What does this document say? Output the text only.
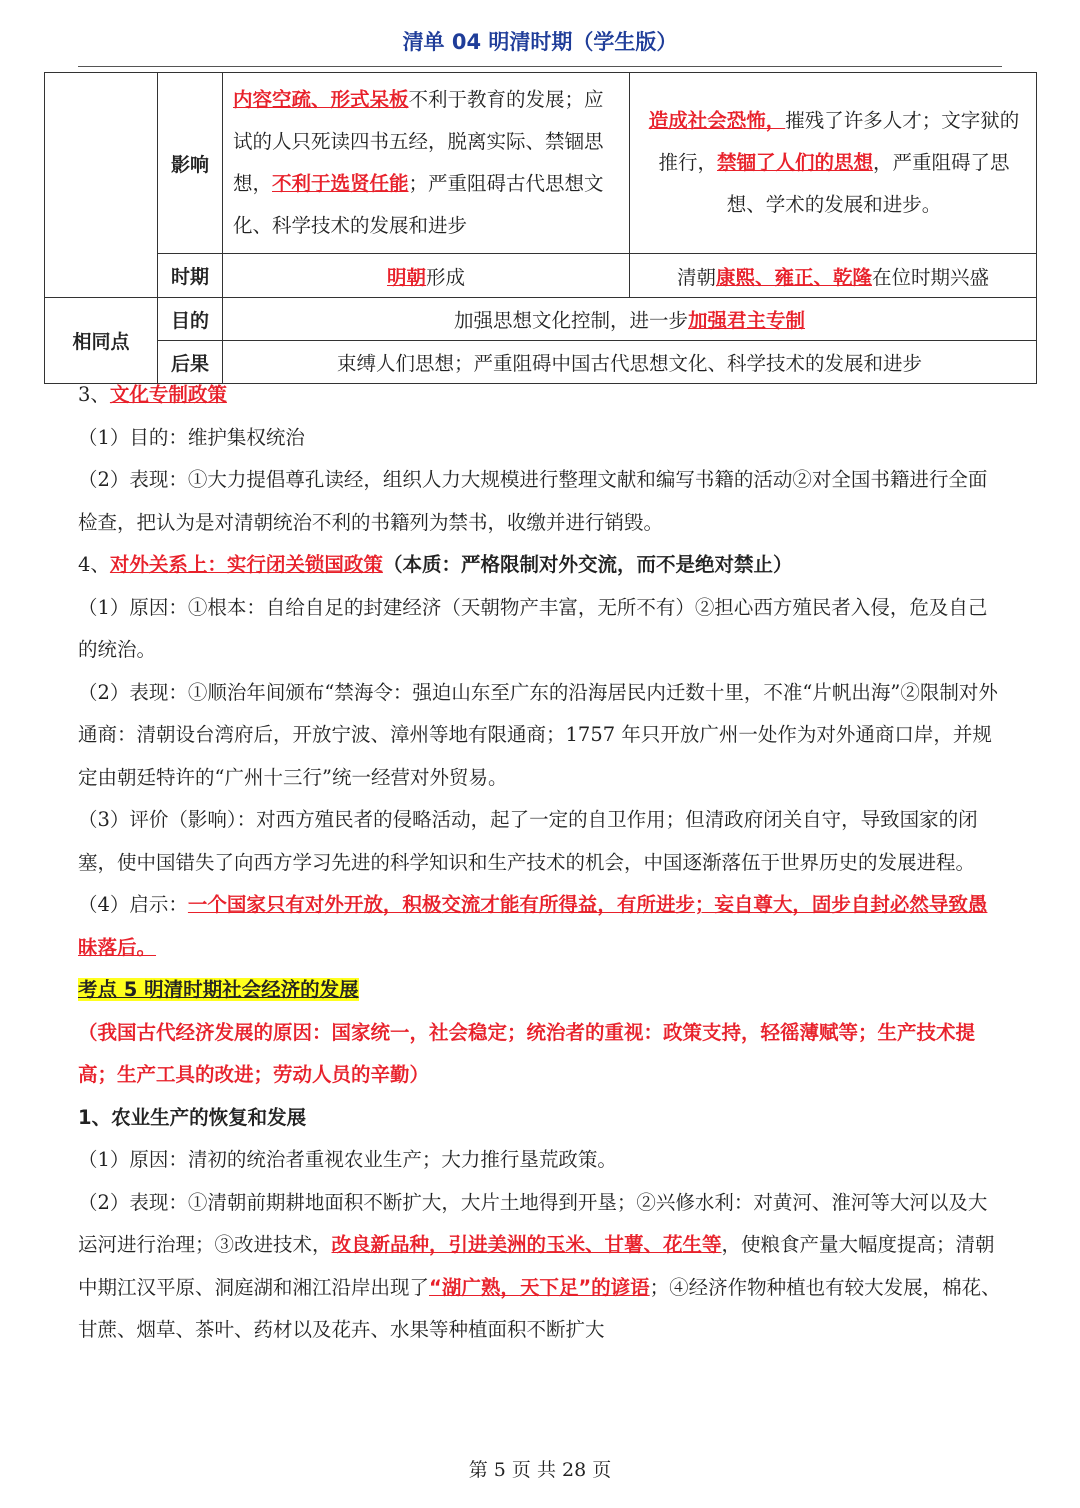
清单 04 明清时期（学生版）
	影响	内容空疏、形式呆板不利于教育的发展；应试的人只死读四书五经，脱离实际、禁锢思想，不利于选贤任能；严重阻碍古代思想文化、科学技术的发展和进步	造成社会恐怖，摧残了许多人才；文字狱的推行，禁锢了人们的思想，严重阻碍了思想、学术的发展和进步。
	时期	明朝形成	清朝康熙、雍正、乾隆在位时期兴盛
相同点	目的	加强思想文化控制，进一步加强君主专制	
	后果	束缚人们思想；严重阻碍中国古代思想文化、科学技术的发展和进步	

3、文化专制政策

（1）目的：维护集权统治

（2）表现：①大力提倡尊孔读经，组织人力大规模进行整理文献和编写书籍的活动②对全国书籍进行全面检查，把认为是对清朝统治不利的书籍列为禁书，收缴并进行销毁。

4、对外关系上：实行闭关锁国政策（本质：严格限制对外交流，而不是绝对禁止）

（1）原因：①根本：自给自足的封建经济（天朝物产丰富，无所不有）②担心西方殖民者入侵，危及自己的统治。

（2）表现：①顺治年间颁布“禁海令：强迫山东至广东的沿海居民内迁数十里，不准“片帆出海”②限制对外通商：清朝设台湾府后，开放宁波、漳州等地有限通商；1757 年只开放广州一处作为对外通商口岸，并规定由朝廷特许的“广州十三行”统一经营对外贸易。

（3）评价（影响）：对西方殖民者的侵略活动，起了一定的自卫作用；但清政府闭关自守，导致国家的闭塞，使中国错失了向西方学习先进的科学知识和生产技术的机会，中国逐渐落伍于世界历史的发展进程。

（4）启示：一个国家只有对外开放，积极交流才能有所得益，有所进步；妄自尊大，固步自封必然导致愚昧落后。

考点 5 明清时期社会经济的发展

（我国古代经济发展的原因：国家统一，社会稳定；统治者的重视：政策支持，轻徭薄赋等；生产技术提高；生产工具的改进；劳动人员的辛勤）

1、农业生产的恢复和发展

（1）原因：清初的统治者重视农业生产；大力推行垦荒政策。

（2）表现：①清朝前期耕地面积不断扩大，大片土地得到开垦；②兴修水利：对黄河、淮河等大河以及大运河进行治理；③改进技术，改良新品种，引进美洲的玉米、甘薯、花生等，使粮食产量大幅度提高；清朝中期江汉平原、洞庭湖和湘江沿岸出现了“湖广熟，天下足”的谚语；④经济作物种植也有较大发展，棉花、甘蔗、烟草、茶叶、药材以及花卉、水果等种植面积不断扩大

第 5 页 共 28 页
